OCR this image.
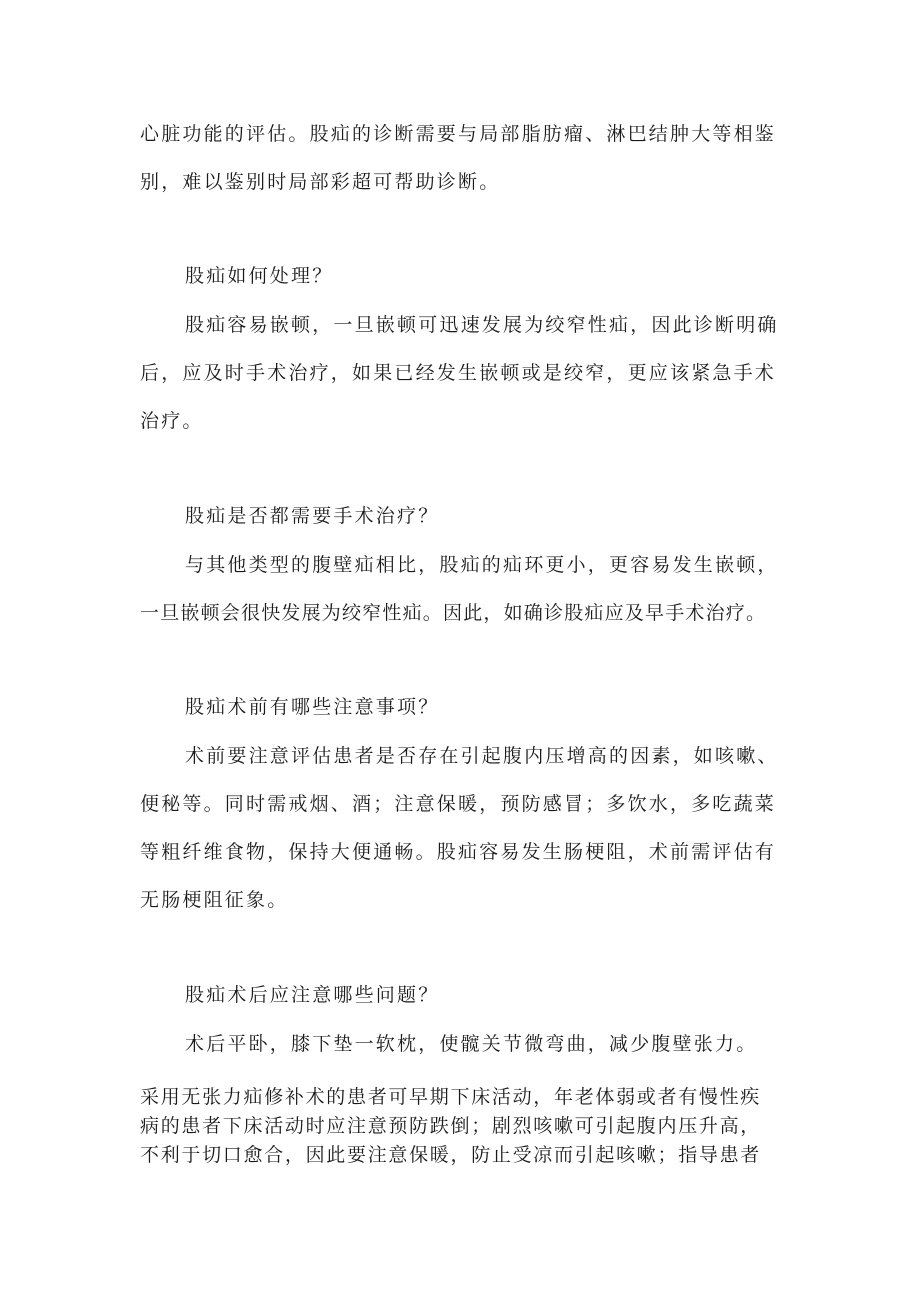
心脏功能的评估。股疝的诊断需要与局部脂肪瘤、淋巴结肿大等相鉴
别，难以鉴别时局部彩超可帮助诊断。
股疝如何处理？
股疝容易嵌顿，一旦嵌顿可迅速发展为绞窄性疝，因此诊断明确
后，应及时手术治疗，如果已经发生嵌顿或是绞窄，更应该紧急手术
治疗。
股疝是否都需要手术治疗？
与其他类型的腹壁疝相比，股疝的疝环更小，更容易发生嵌顿，
一旦嵌顿会很快发展为绞窄性疝。因此，如确诊股疝应及早手术治疗。
股疝术前有哪些注意事项？
术前要注意评估患者是否存在引起腹内压增高的因素，如咳嗽、
便秘等。同时需戒烟、酒；注意保暖，预防感冒；多饮水，多吃蔬菜
等粗纤维食物，保持大便通畅。股疝容易发生肠梗阻，术前需评估有
无肠梗阻征象。
股疝术后应注意哪些问题？
术后平卧，膝下垫一软枕，使髋关节微弯曲，减少腹壁张力。
采用无张力疝修补术的患者可早期下床活动，年老体弱或者有慢性疾
病的患者下床活动时应注意预防跌倒；剧烈咳嗽可引起腹内压升高，
不利于切口愈合，因此要注意保暖，防止受凉而引起咳嗽；指导患者
